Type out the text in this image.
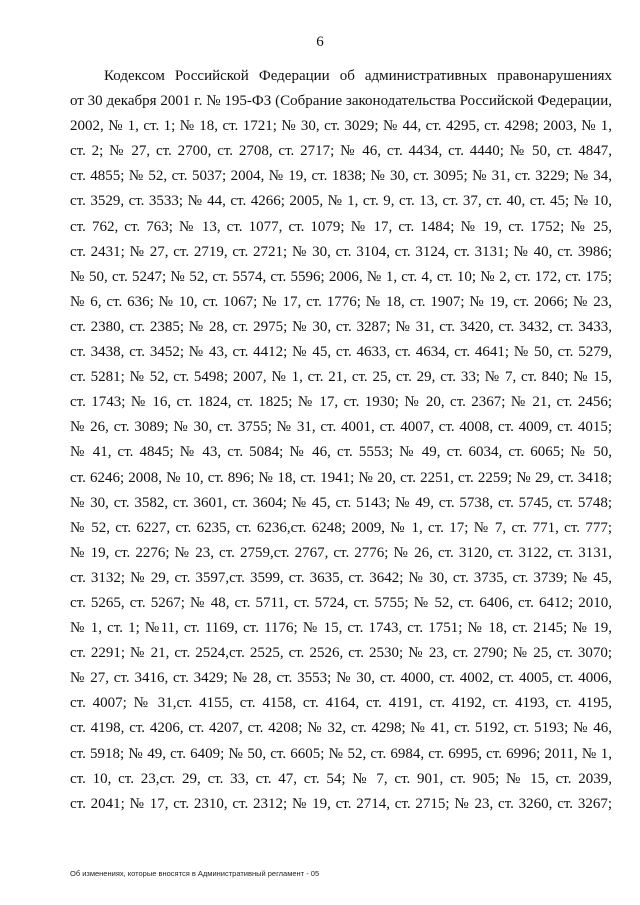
6
Кодексом Российской Федерации об административных правонарушениях
от 30 декабря 2001 г. № 195-ФЗ (Собрание законодательства Российской Федерации,
2002, № 1, ст. 1; № 18, ст. 1721; № 30, ст. 3029; № 44, ст. 4295, ст. 4298; 2003, № 1,
ст. 2; № 27, ст. 2700, ст. 2708, ст. 2717; № 46, ст. 4434, ст. 4440; № 50, ст. 4847,
ст. 4855; № 52, ст. 5037; 2004, № 19, ст. 1838; № 30, ст. 3095; № 31, ст. 3229; № 34,
ст. 3529, ст. 3533; № 44, ст. 4266; 2005, № 1, ст. 9, ст. 13, ст. 37, ст. 40, ст. 45; № 10,
ст. 762, ст. 763; № 13, ст. 1077, ст. 1079; № 17, ст. 1484; № 19, ст. 1752; № 25,
ст. 2431; № 27, ст. 2719, ст. 2721; № 30, ст. 3104, ст. 3124, ст. 3131; № 40, ст. 3986;
№ 50, ст. 5247; № 52, ст. 5574, ст. 5596; 2006, № 1, ст. 4, ст. 10; № 2, ст. 172, ст. 175;
№ 6, ст. 636; № 10, ст. 1067; № 17, ст. 1776; № 18, ст. 1907; № 19, ст. 2066; № 23,
ст. 2380, ст. 2385; № 28, ст. 2975; № 30, ст. 3287; № 31, ст. 3420, ст. 3432, ст. 3433,
ст. 3438, ст. 3452; № 43, ст. 4412; № 45, ст. 4633, ст. 4634, ст. 4641; № 50, ст. 5279,
ст. 5281; № 52, ст. 5498; 2007, № 1, ст. 21, ст. 25, ст. 29, ст. 33; № 7, ст. 840; № 15,
ст. 1743; № 16, ст. 1824, ст. 1825; № 17, ст. 1930; № 20, ст. 2367; № 21, ст. 2456;
№ 26, ст. 3089; № 30, ст. 3755; № 31, ст. 4001, ст. 4007, ст. 4008, ст. 4009, ст. 4015;
№ 41, ст. 4845; № 43, ст. 5084; № 46, ст. 5553; № 49, ст. 6034, ст. 6065; № 50,
ст. 6246; 2008, № 10, ст. 896; № 18, ст. 1941; № 20, ст. 2251, ст. 2259; № 29, ст. 3418;
№ 30, ст. 3582, ст. 3601, ст. 3604; № 45, ст. 5143; № 49, ст. 5738, ст. 5745, ст. 5748;
№ 52, ст. 6227, ст. 6235, ст. 6236,ст. 6248; 2009, № 1, ст. 17; № 7, ст. 771, ст. 777;
№ 19, ст. 2276; № 23, ст. 2759,ст. 2767, ст. 2776; № 26, ст. 3120, ст. 3122, ст. 3131,
ст. 3132; № 29, ст. 3597,ст. 3599, ст. 3635, ст. 3642; № 30, ст. 3735, ст. 3739; № 45,
ст. 5265, ст. 5267; № 48, ст. 5711, ст. 5724, ст. 5755; № 52, ст. 6406, ст. 6412; 2010,
№ 1, ст. 1; №11, ст. 1169, ст. 1176; № 15, ст. 1743, ст. 1751; № 18, ст. 2145; № 19,
ст. 2291; № 21, ст. 2524,ст. 2525, ст. 2526, ст. 2530; № 23, ст. 2790; № 25, ст. 3070;
№ 27, ст. 3416, ст. 3429; № 28, ст. 3553; № 30, ст. 4000, ст. 4002, ст. 4005, ст. 4006,
ст. 4007; № 31,ст. 4155, ст. 4158, ст. 4164, ст. 4191, ст. 4192, ст. 4193, ст. 4195,
ст. 4198, ст. 4206, ст. 4207, ст. 4208; № 32, ст. 4298; № 41, ст. 5192, ст. 5193; № 46,
ст. 5918; № 49, ст. 6409; № 50, ст. 6605; № 52, ст. 6984, ст. 6995, ст. 6996; 2011, № 1,
ст. 10, ст. 23,ст. 29, ст. 33, ст. 47, ст. 54; № 7, ст. 901, ст. 905; № 15, ст. 2039,
ст. 2041; № 17, ст. 2310, ст. 2312; № 19, ст. 2714, ст. 2715; № 23, ст. 3260, ст. 3267;
Об изменениях, которые вносятся в Административный регламент - 05
